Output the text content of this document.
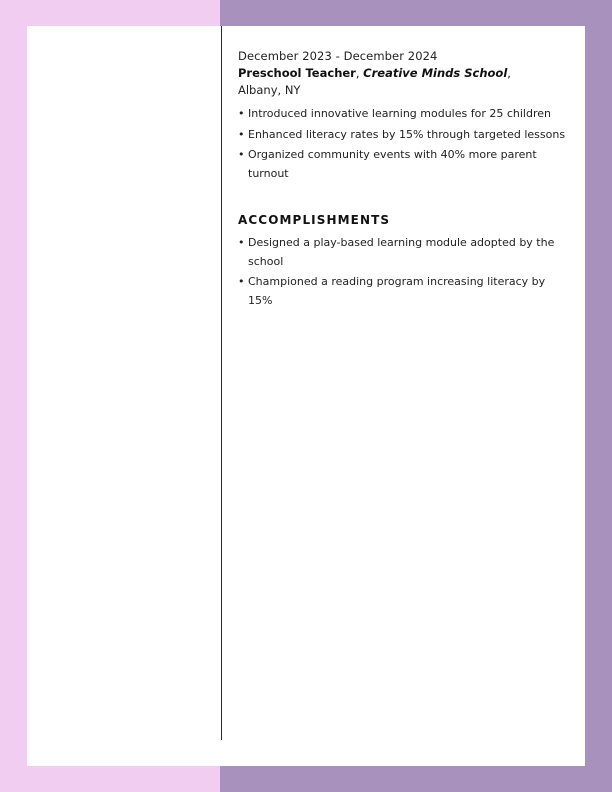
December 2023 - December 2024
Preschool Teacher, Creative Minds School,
Albany, NY
• Introduced innovative learning modules for 25 children
• Enhanced literacy rates by 15% through targeted lessons
• Organized community events with 40% more parent turnout
ACCOMPLISHMENTS
• Designed a play-based learning module adopted by the school
• Championed a reading program increasing literacy by 15%
